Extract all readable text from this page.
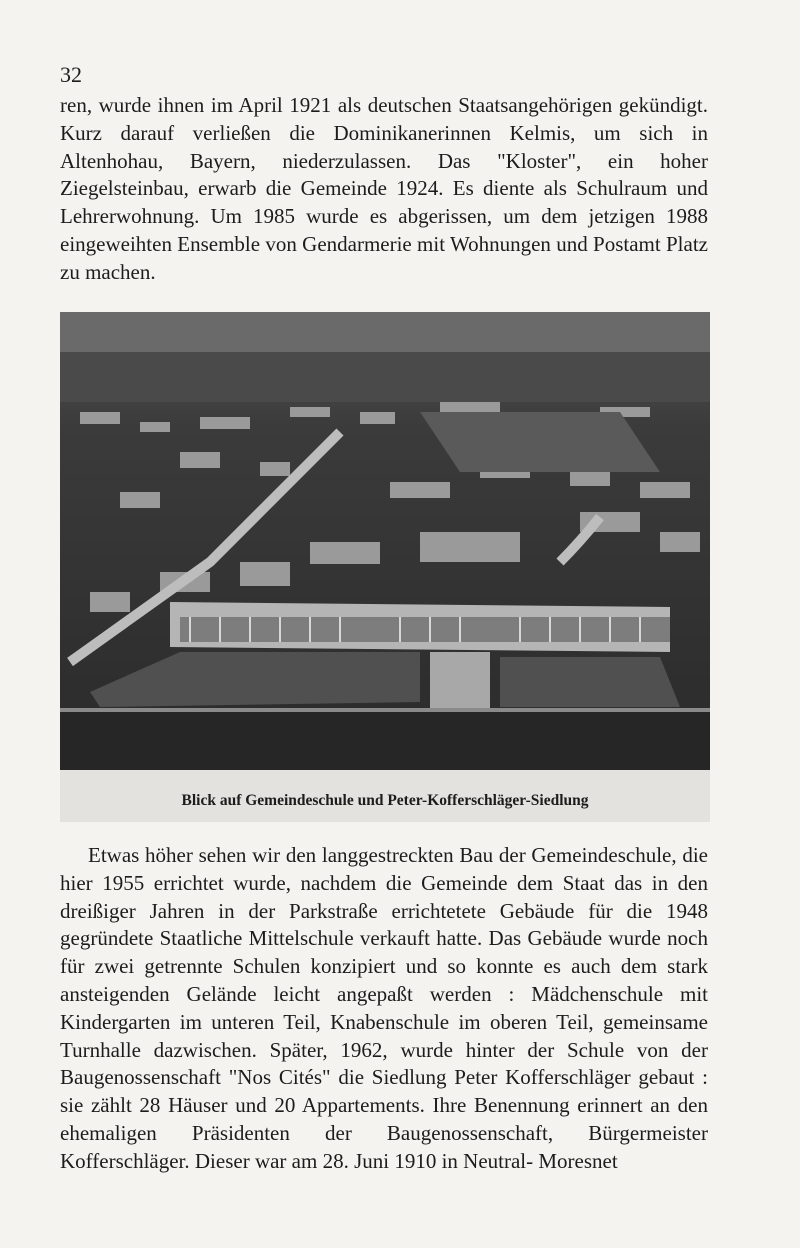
32

ren, wurde ihnen im April 1921 als deutschen Staatsangehörigen gekündigt. Kurz darauf verließen die Dominikanerinnen Kelmis, um sich in Altenhohau, Bayern, niederzulassen. Das "Kloster", ein hoher Ziegelsteinbau, erwarb die Gemeinde 1924. Es diente als Schulraum und Lehrerwohnung. Um 1985 wurde es abgerissen, um dem jetzigen 1988 eingeweihten Ensemble von Gendarmerie mit Wohnungen und Postamt Platz zu machen.

Blick auf Gemeindeschule und Peter-Kofferschläger-Siedlung

Etwas höher sehen wir den langgestreckten Bau der Gemeindeschule, die hier 1955 errichtet wurde, nachdem die Gemeinde dem Staat das in den dreißiger Jahren in der Parkstraße errichtetete Gebäude für die 1948 gegründete Staatliche Mittelschule verkauft hatte. Das Gebäude wurde noch für zwei getrennte Schulen konzipiert und so konnte es auch dem stark ansteigenden Gelände leicht angepaßt werden : Mädchenschule mit Kindergarten im unteren Teil, Knabenschule im oberen Teil, gemeinsame Turnhalle dazwischen. Später, 1962, wurde hinter der Schule von der Baugenossenschaft "Nos Cités" die Siedlung Peter Kofferschläger gebaut : sie zählt 28 Häuser und 20 Appartements. Ihre Benennung erinnert an den ehemaligen Präsidenten der Baugenossenschaft, Bürgermeister Kofferschläger. Dieser war am 28. Juni 1910 in Neutral- Moresnet
